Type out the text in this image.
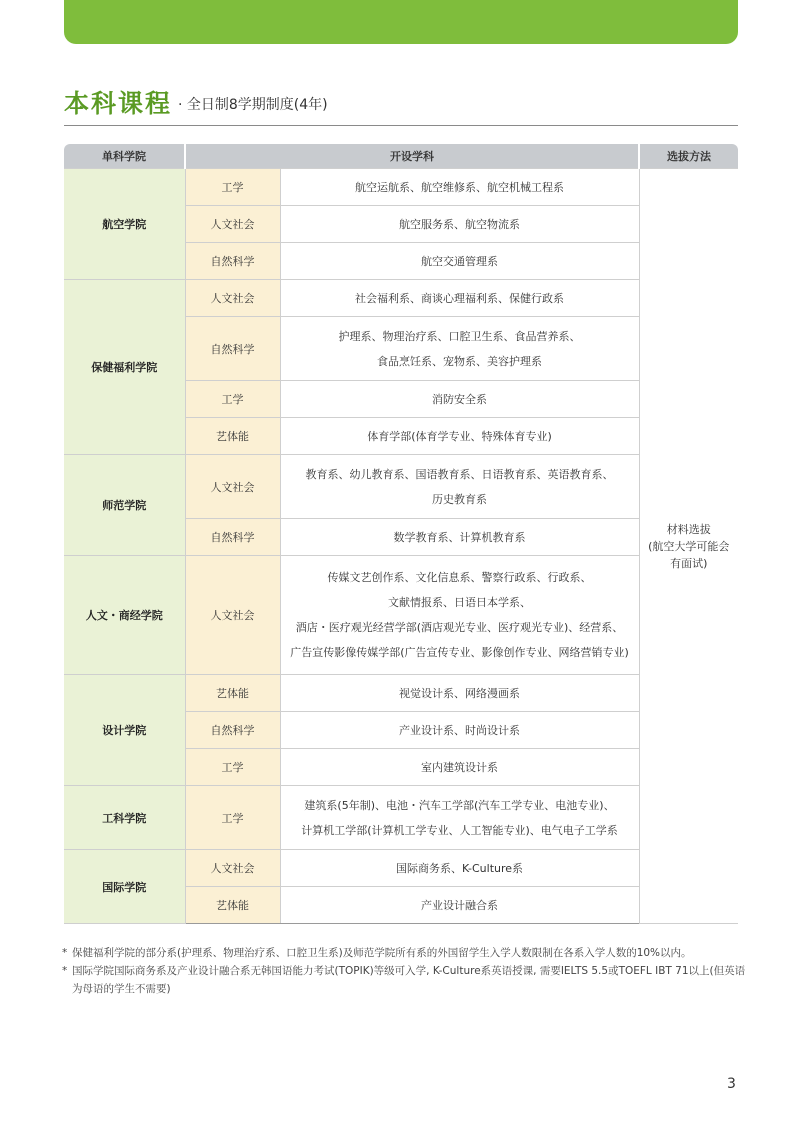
本科课程 · 全日制8学期制度(4年)
单科学院	开设学科		选拔方法
航空学院	工学	航空运航系、航空维修系、航空机械工程系	材料选拔
(航空大学可能会
有面试)

	人文社会	航空服务系、航空物流系	

	自然科学	航空交通管理系	

保健福利学院	人文社会	社会福利系、商谈心理福利系、保健行政系	

	自然科学	护理系、物理治疗系、口腔卫生系、食品营养系、
食品烹饪系、宠物系、美容护理系	

	工学	消防安全系	

	艺体能	体育学部(体育学专业、特殊体育专业)	

师范学院	人文社会	教育系、幼儿教育系、国语教育系、日语教育系、英语教育系、
历史教育系	

	自然科学	数学教育系、计算机教育系	

人文・商经学院	人文社会	传媒文艺创作系、文化信息系、警察行政系、行政系、
文献情报系、日语日本学系、
酒店・医疗观光经营学部(酒店观光专业、医疗观光专业)、经营系、
广告宣传影像传媒学部(广告宣传专业、影像创作专业、网络营销专业)	

设计学院	艺体能	视觉设计系、网络漫画系	

	自然科学	产业设计系、时尚设计系	

	工学	室内建筑设计系	

工科学院	工学	建筑系(5年制)、电池・汽车工学部(汽车工学专业、电池专业)、
计算机工学部(计算机工学专业、人工智能专业)、电气电子工学系	

国际学院	人文社会	国际商务系、K-Culture系	

	艺体能	产业设计融合系	
* 保健福利学院的部分系(护理系、物理治疗系、口腔卫生系)及师范学院所有系的外国留学生入学人数限制在各系入学人数的10%以内。
* 国际学院国际商务系及产业设计融合系无韩国语能力考试(TOPIK)等级可入学, K-Culture系英语授课, 需要IELTS 5.5或TOEFL IBT 71以上(但英语为母语的学生不需要)
3
